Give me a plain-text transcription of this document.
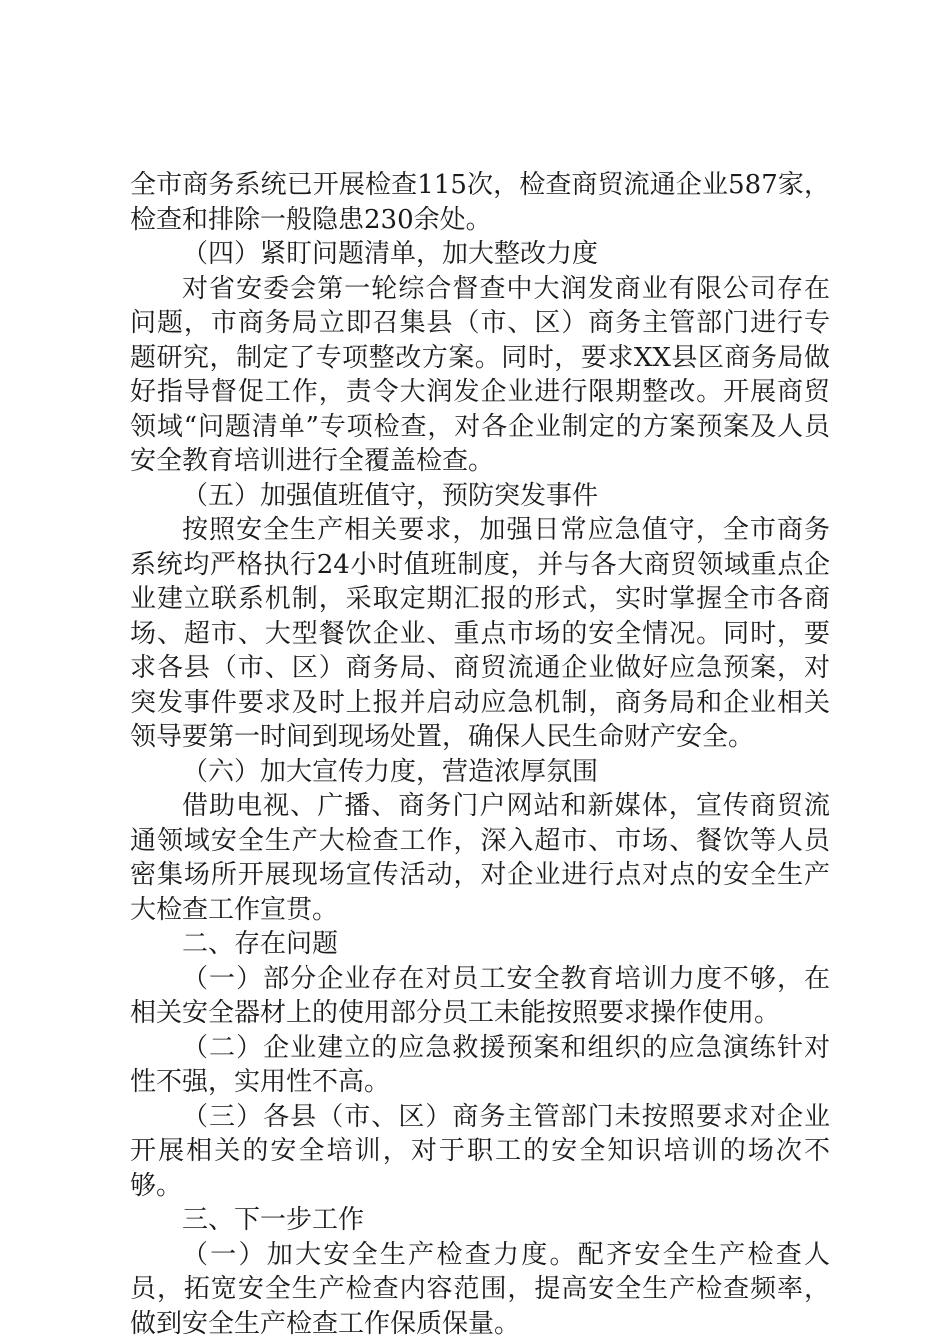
全市商务系统已开展检查115次，检查商贸流通企业587家，检查和排除一般隐患230余处。

（四）紧盯问题清单，加大整改力度

对省安委会第一轮综合督查中大润发商业有限公司存在问题，市商务局立即召集县（市、区）商务主管部门进行专题研究，制定了专项整改方案。同时，要求XX县区商务局做好指导督促工作，责令大润发企业进行限期整改。开展商贸领域“问题清单”专项检查，对各企业制定的方案预案及人员安全教育培训进行全覆盖检查。

（五）加强值班值守，预防突发事件

按照安全生产相关要求，加强日常应急值守，全市商务系统均严格执行24小时值班制度，并与各大商贸领域重点企业建立联系机制，采取定期汇报的形式，实时掌握全市各商场、超市、大型餐饮企业、重点市场的安全情况。同时，要求各县（市、区）商务局、商贸流通企业做好应急预案，对突发事件要求及时上报并启动应急机制，商务局和企业相关领导要第一时间到现场处置，确保人民生命财产安全。

（六）加大宣传力度，营造浓厚氛围

借助电视、广播、商务门户网站和新媒体，宣传商贸流通领域安全生产大检查工作，深入超市、市场、餐饮等人员密集场所开展现场宣传活动，对企业进行点对点的安全生产大检查工作宣贯。

二、存在问题

（一）部分企业存在对员工安全教育培训力度不够，在相关安全器材上的使用部分员工未能按照要求操作使用。

（二）企业建立的应急救援预案和组织的应急演练针对性不强，实用性不高。

（三）各县（市、区）商务主管部门未按照要求对企业开展相关的安全培训，对于职工的安全知识培训的场次不够。

三、下一步工作

（一）加大安全生产检查力度。配齐安全生产检查人员，拓宽安全生产检查内容范围，提高安全生产检查频率，做到安全生产检查工作保质保量。
